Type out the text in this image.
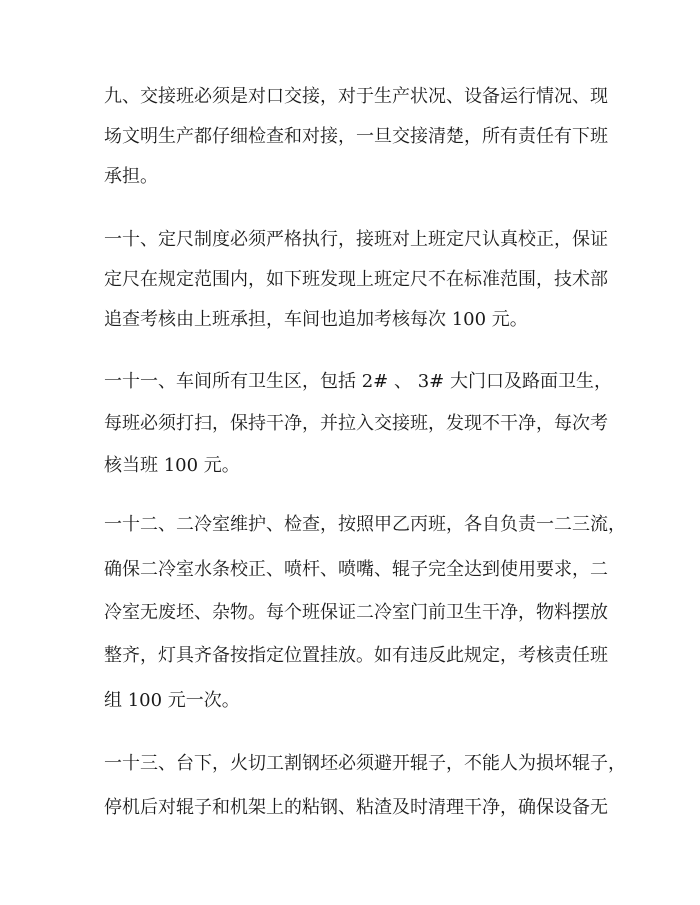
九、交接班必须是对口交接，对于生产状况、设备运行情况、现
场文明生产都仔细检查和对接，一旦交接清楚，所有责任有下班
承担。
一十、定尺制度必须严格执行，接班对上班定尺认真校正，保证
定尺在规定范围内，如下班发现上班定尺不在标准范围，技术部
追查考核由上班承担，车间也追加考核每次 100 元。
一十一、车间所有卫生区，包括 2# 、 3# 大门口及路面卫生，
每班必须打扫，保持干净，并拉入交接班，发现不干净，每次考
核当班 100 元。
一十二、二冷室维护、检查，按照甲乙丙班，各自负责一二三流，
确保二冷室水条校正、喷杆、喷嘴、辊子完全达到使用要求，二
冷室无废坯、杂物。每个班保证二冷室门前卫生干净，物料摆放
整齐，灯具齐备按指定位置挂放。如有违反此规定，考核责任班
组 100 元一次。
一十三、台下，火切工割钢坯必须避开辊子，不能人为损坏辊子，
停机后对辊子和机架上的粘钢、粘渣及时清理干净，确保设备无
